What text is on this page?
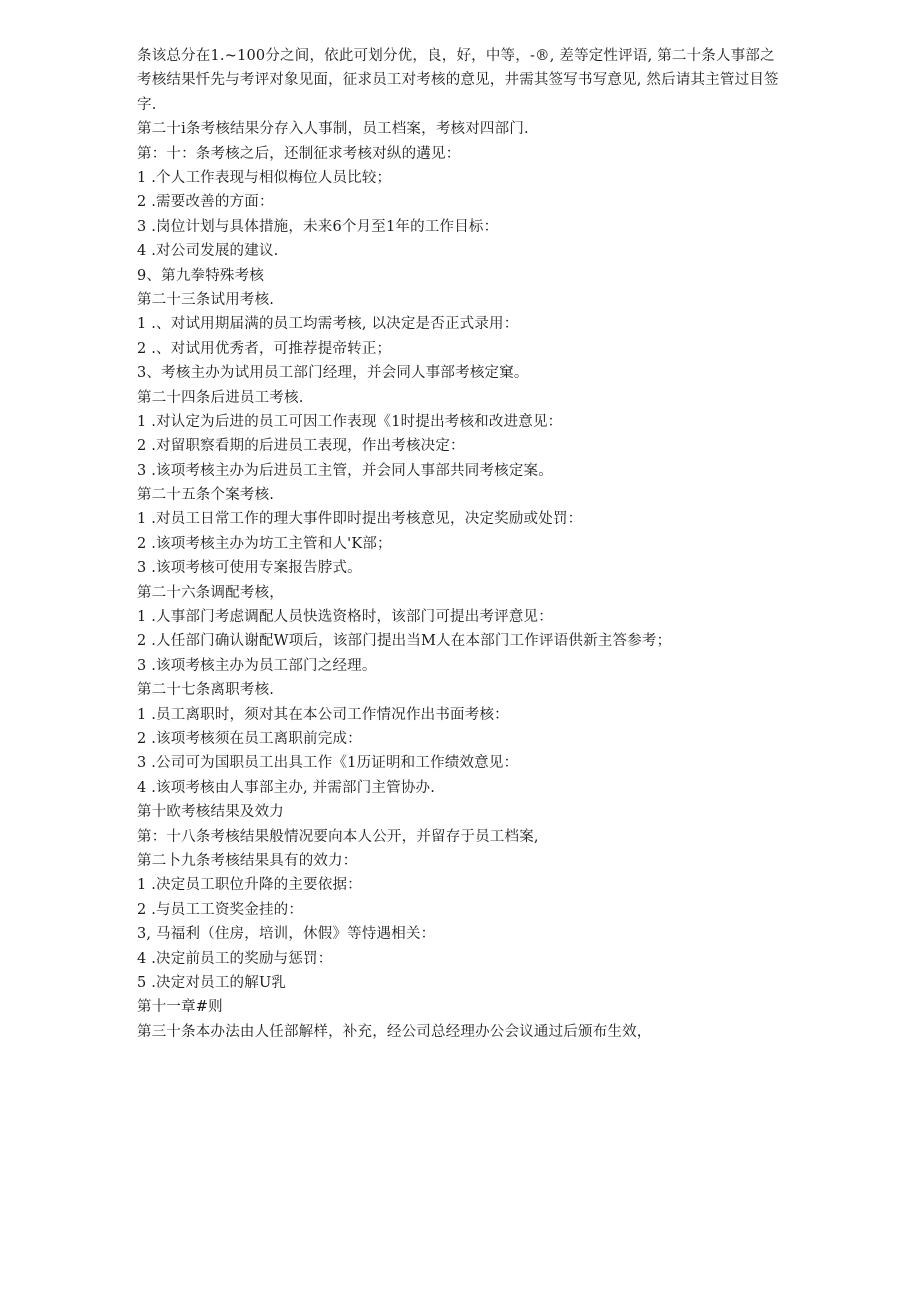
条该总分在1.~100分之间，依此可划分优，良，好，中等，-®, 差等定性评语, 第二十条人事部之考核结果忏先与考评对象见面，征求员工对考核的意见，井需其签写书写意见, 然后请其主管过目签字.
第二十i条考核结果分存入人事制，员工档案，考核对四部门.
第：十：条考核之后，还制征求考核对纵的遘见：
1 .个人工作表现与相似梅位人员比较；
2 .需要改善的方面：
3 .岗位计划与具体措施，未来6个月至1年的工作目标：
4 .对公司发展的建议.
9、第九拳特殊考核
第二十三条试用考核.
1 .、对试用期届满的员工均需考核, 以决定是否正式录用：
2 .、对试用优秀者，可推荐提帝转正；
3、考核主办为试用员工部门经理，并会同人事部考核定窠。
第二十四条后进员工考核.
1 .对认定为后进的员工可因工作表现《1时提出考核和改进意见：
2 .对留职察看期的后进员工表现，作出考核决定：
3 .该项考核主办为后进员工主管，并会同人事部共同考核定案。
第二十五条个案考核.
1 .对员工日常工作的理大事件即时提出考核意见，决定奖励或处罚：
2 .该项考核主办为坊工主管和人'K部；
3 .该项考核可使用专案报告脖式。
第二十六条调配考核，
1 .人事部门考虑调配人员快选资格时，该部门可提出考评意见：
2 .人任部门确认谢配W项后，该部门提出当M人在本部门工作评语供新主答参考；
3 .该项考核主办为员工部门之经理。
第二十七条离职考核.
1 .员工离职时，须对其在本公司工作情况作出书面考核：
2 .该项考核须在员工离职前完成：
3 .公司可为国职员工出具工作《1历证明和工作绩效意见：
4 .该项考核由人事部主办, 并需部门主管协办.
第十欧考核结果及效力
第：十八条考核结果般情况要向本人公开，并留存于员工档案,
第二卜九条考核结果具有的效力：
1 .决定员工职位升降的主要依据：
2 .与员工工资奖金挂的：
3, 马福利（住房，培训，休假》等恃遇相关：
4 .决定前员工的奖励与惩罚：
5 .决定对员工的解U乳
第十一章#则
第三十条本办法由人任部解样，补充，经公司总经理办公会议通过后颁布生效，
